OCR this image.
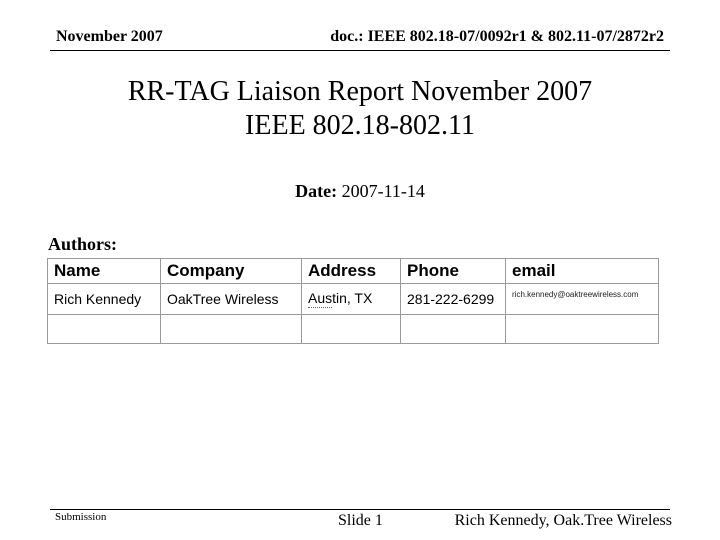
November 2007	doc.: IEEE 802.18-07/0092r1 & 802.11-07/2872r2
RR-TAG Liaison Report November 2007
IEEE 802.18-802.11
Date: 2007-11-14
Authors:
Name	Company	Address	Phone	email
Rich Kennedy	OakTree Wireless	Austin, TX	281-222-6299	rich.kennedy@oaktreewireless.com

Submission	Slide 1	Rich Kennedy, Oak.Tree Wireless
